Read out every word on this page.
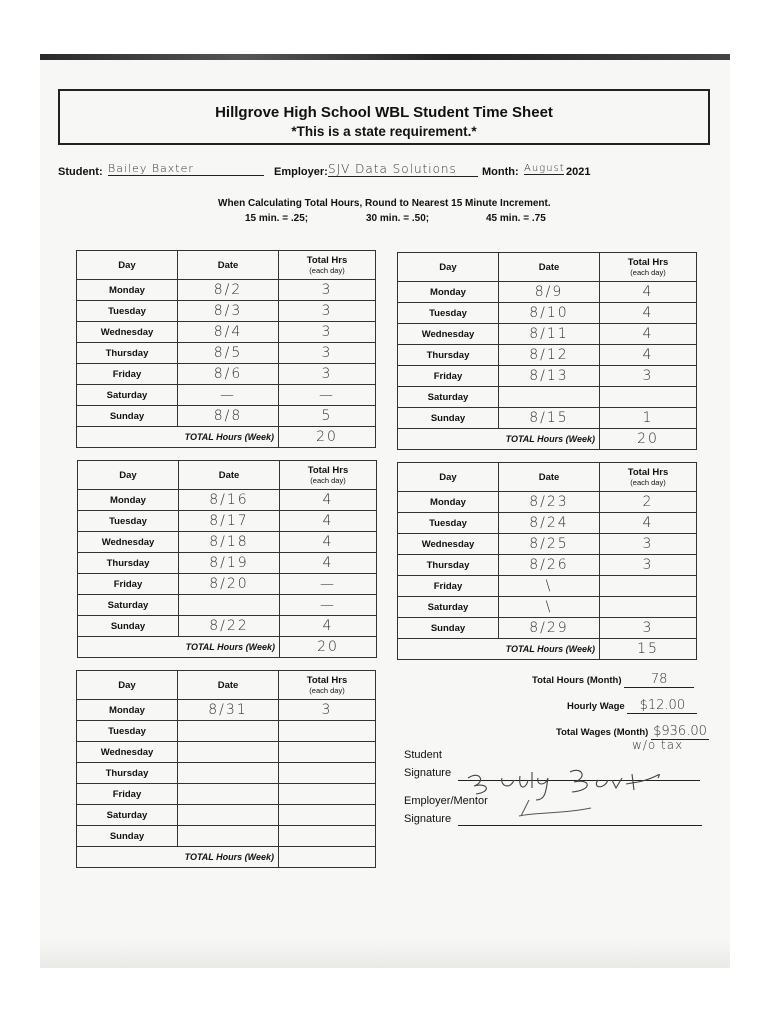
Hillgrove High School WBL Student Time Sheet
*This is a state requirement.*
Student: Bailey Baxter	Employer: SJV Data Solutions	Month: August 2021
When Calculating Total Hours, Round to Nearest 15 Minute Increment.
15 min. = .25;	30 min. = .50;	45 min. = .75
Day	Date	Total Hrs
(each day)

Monday	8/2	3
Tuesday	8/3	3
Wednesday	8/4	3
Thursday	8/5	3
Friday	8/6	3
Saturday	—	—
Sunday	8/8	5
TOTAL Hours (Week)		20
Day	Date	Total Hrs
(each day)

Monday	8/9	4
Tuesday	8/10	4
Wednesday	8/11	4
Thursday	8/12	4
Friday	8/13	3
Saturday		
Sunday	8/15	1
TOTAL Hours (Week)		20
Day	Date	Total Hrs
(each day)

Monday	8/16	4
Tuesday	8/17	4
Wednesday	8/18	4
Thursday	8/19	4
Friday	8/20	—
Saturday		—
Sunday	8/22	4
TOTAL Hours (Week)		20
Day	Date	Total Hrs
(each day)

Monday	8/23	2
Tuesday	8/24	4
Wednesday	8/25	3
Thursday	8/26	3
Friday	\	
Saturday	\	
Sunday	8/29	3
TOTAL Hours (Week)		15
Day	Date	Total Hrs
(each day)

Monday	8/31	3
Tuesday		
Wednesday		
Thursday		
Friday		
Saturday		
Sunday		
TOTAL Hours (Week)		
Total Hours (Month) 78
Hourly Wage $12.00
Total Wages (Month) $936.00
w/o tax
Student
Signature
Employer/Mentor
Signature
